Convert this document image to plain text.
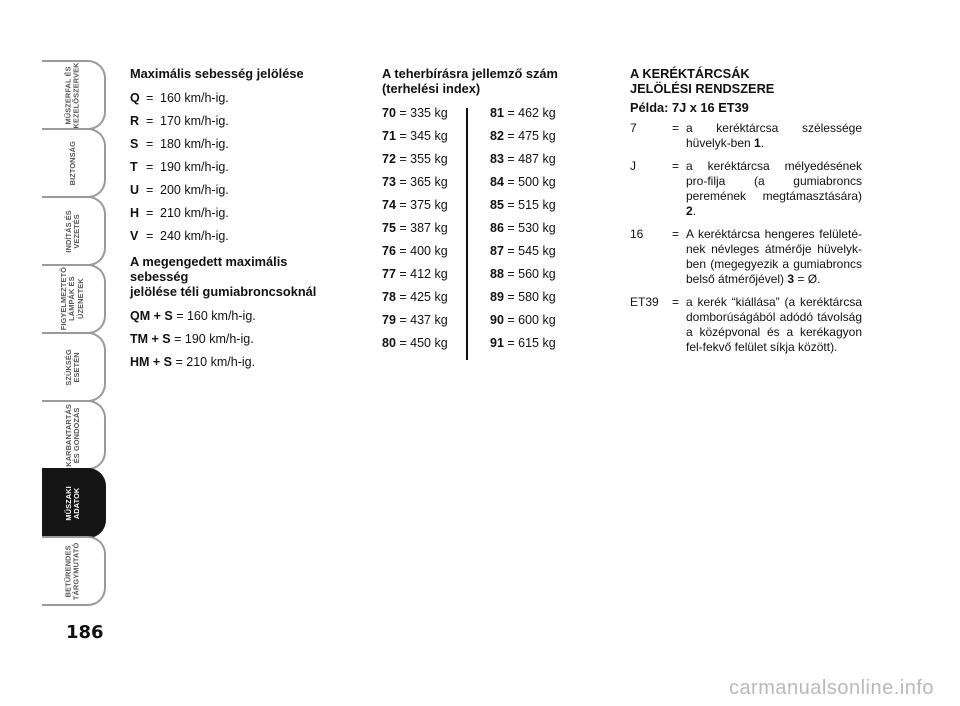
MŰSZERFAL ÉS
KEZELŐSZERVEK
BIZTONSÁG
INDÍTÁS ÉS
VEZETÉS
FIGYELMEZTETŐ
LÁMPÁK ÉS
ÜZENETEK
SZÜKSÉG
ESETÉN
KARBANTARTÁS
ÉS GONDOZÁS
MŰSZAKI
ADATOK
BETŰRENDES
TÁRGYMUTATÓ
186
Maximális sebesség jelölése
Q = 160 km/h-ig.
R = 170 km/h-ig.
S = 180 km/h-ig.
T = 190 km/h-ig.
U = 200 km/h-ig.
H = 210 km/h-ig.
V = 240 km/h-ig.
A megengedett maximális
sebesség
jelölése téli gumiabroncsoknál
QM + S = 160 km/h-ig.
TM + S = 190 km/h-ig.
HM + S = 210 km/h-ig.
A teherbírásra jellemző szám
(terhelési index)
70 = 335 kg
71 = 345 kg
72 = 355 kg
73 = 365 kg
74 = 375 kg
75 = 387 kg
76 = 400 kg
77 = 412 kg
78 = 425 kg
79 = 437 kg
80 = 450 kg
81 = 462 kg
82 = 475 kg
83 = 487 kg
84 = 500 kg
85 = 515 kg
86 = 530 kg
87 = 545 kg
88 = 560 kg
89 = 580 kg
90 = 600 kg
91 = 615 kg
A KERÉKTÁRCSÁK
JELÖLÉSI RENDSZERE
Példa: 7J x 16 ET39
7	= a keréktárcsa szélessége hüvelyk-ben 1.
J	= a keréktárcsa mélyedésének pro-filja (a gumiabroncs peremének megtámasztására) 2.
16	= A keréktárcsa hengeres felületé-nek névleges átmérője hüvelyk-ben (megegyezik a gumiabroncs belső átmérőjével) 3 = Ø.
ET39	= a kerék “kiállása” (a keréktárcsa domborúságából adódó távolság a középvonal és a kerékagyon fel-fekvő felület síkja között).
carmanualsonline.info
